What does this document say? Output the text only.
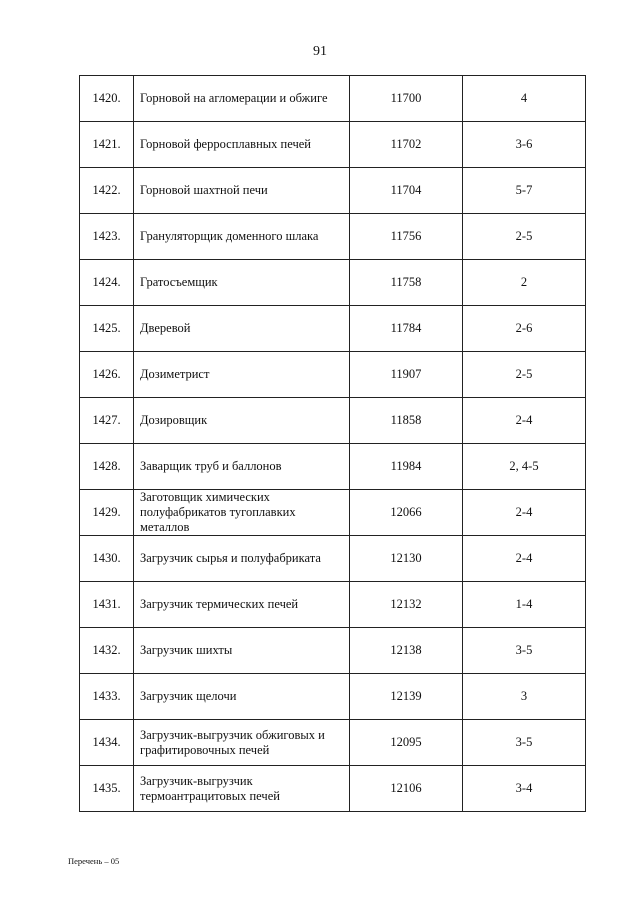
91
1420.	Горновой на агломерации и обжиге	11700	4
1421.	Горновой ферросплавных печей	11702	3-6
1422.	Горновой шахтной печи	11704	5-7
1423.	Грануляторщик доменного шлака	11756	2-5
1424.	Гратосъемщик	11758	2
1425.	Дверевой	11784	2-6
1426.	Дозиметрист	11907	2-5
1427.	Дозировщик	11858	2-4
1428.	Заварщик труб и баллонов	11984	2, 4-5
1429.	Заготовщик химических полуфабрикатов тугоплавких металлов	12066	2-4
1430.	Загрузчик сырья и полуфабриката	12130	2-4
1431.	Загрузчик термических печей	12132	1-4
1432.	Загрузчик шихты	12138	3-5
1433.	Загрузчик щелочи	12139	3
1434.	Загрузчик-выгрузчик обжиговых и графитировочных печей	12095	3-5
1435.	Загрузчик-выгрузчик термоантрацитовых печей	12106	3-4
Перечень – 05
